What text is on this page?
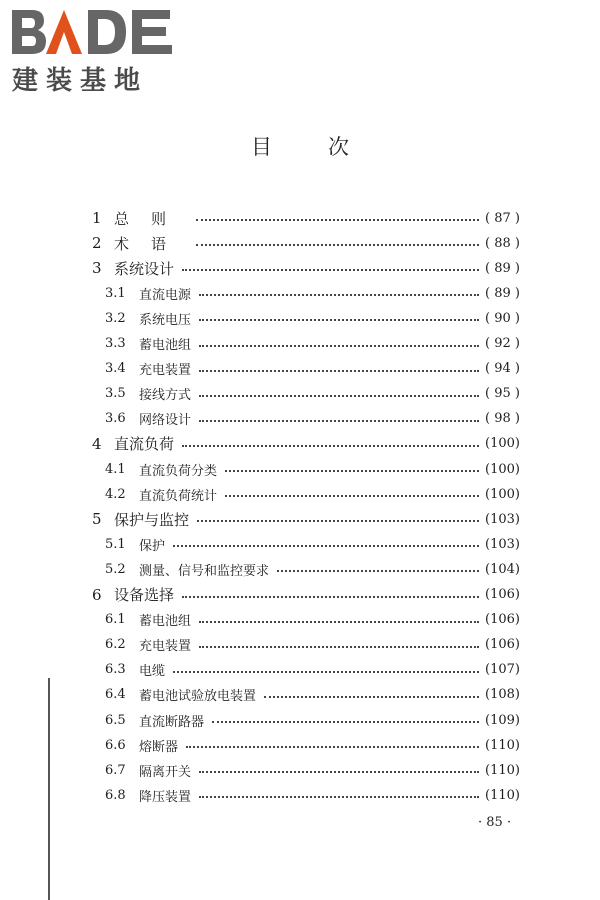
建装基地
目次
1 总则	( 87 )
2 术语	( 88 )
3 系统设计	( 89 )
3.1	直流电源	( 89 )
3.2	系统电压	( 90 )
3.3	蓄电池组	( 92 )
3.4	充电装置	( 94 )
3.5	接线方式	( 95 )
3.6	网络设计	( 98 )
4 直流负荷	(100)
4.1	直流负荷分类	(100)
4.2	直流负荷统计	(100)
5 保护与监控	(103)
5.1	保护	(103)
5.2	测量、信号和监控要求	(104)
6 设备选择	(106)
6.1	蓄电池组	(106)
6.2	充电装置	(106)
6.3	电缆	(107)
6.4	蓄电池试验放电装置	(108)
6.5	直流断路器	(109)
6.6	熔断器	(110)
6.7	隔离开关	(110)
6.8	降压装置	(110)
· 85 ·
